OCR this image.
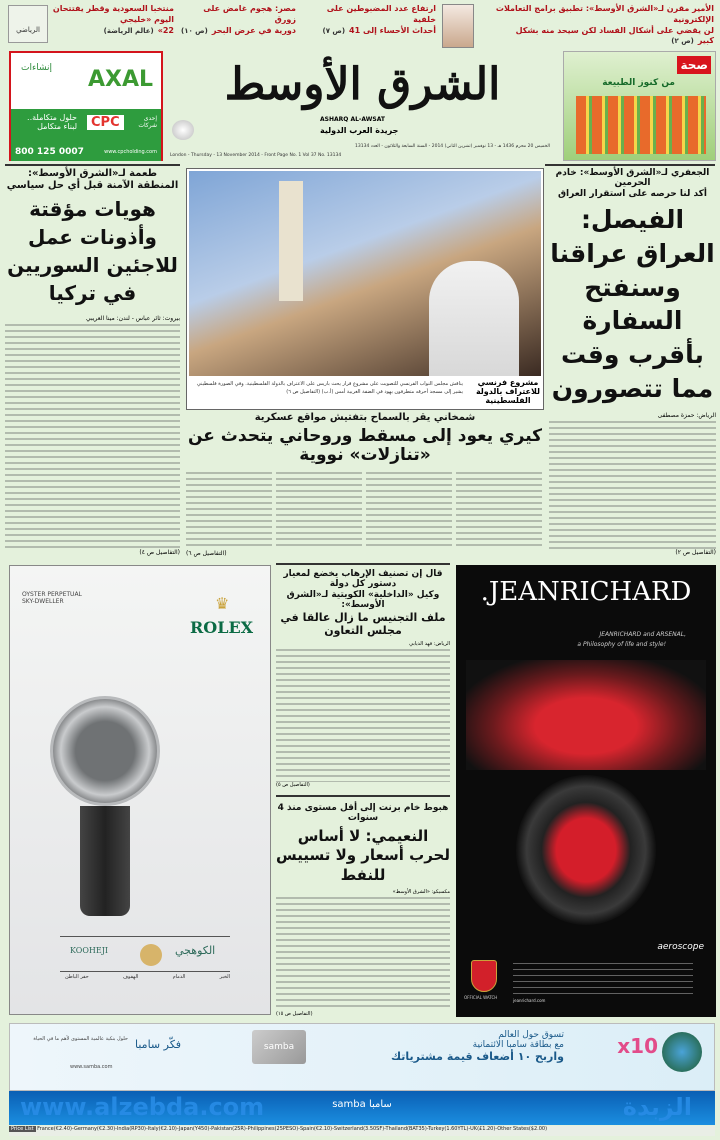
الأمير مقرن لـ«الشرق الأوسط»: تطبيق برامج التعاملات الإلكترونية
لن يقضي على أشكال الفساد لكن سيحد منه بشكل كبير(ص ٢)
ارتفاع عدد المضبوطين على خلفية
أحداث الأحساء إلى 41(ص ٧)
مصر: هجوم غامض على زورق
دورية في عرض البحر(ص ١٠)
منتخبا السعودية وقطر يفتتحان
اليوم «خليجي 22»(عالم الرياضة)
الرياضي
إنشاءات AXAL
حلول متكاملة..
لبناء متكامل	CPC	إحدى شركات
800 125 0007	www.cpcholding.com
الشرق الأوسط
ASHARQ AL-AWSAT
جريدة العرب الدولية
الخميس 20 محرم 1436 هـ - 13 نوفمبر (تشرين الثاني) 2014 - السنة السابعة والثلاثون - العدد 13134
London - Thursday - 13 November 2014 - Front Page No. 1 Vol 37 No. 13134
صحة
من كنوز الطبيعة
الجعفري لـ«الشرق الأوسط»: خادم الحرمين
أكد لنا حرصه على استقرار العراق
الفيصل: العراق عراقنا وسنفتح السفارة بأقرب وقت مما تتصورون
الرياض: حمزة مصطفى
(التفاصيل ص ٢)
طعمة لـ«الشرق الأوسط»:
المنطقة الآمنة قبل أي حل سياسي
هويات مؤقتة وأذونات عمل للاجئين السوريين في تركيا
بيروت: ثائر عباس - لندن: مينا العريبي
(التفاصيل ص ٤)
مشروع فرنسي للاعتراف بالدولة الفلسطينية
يناقش مجلس النواب الفرنسي للتصويت على مشروع قرار يحث باريس على الاعتراف بالدولة الفلسطينية. وفي الصورة فلسطيني يشير إلى مسجد أحرقه متطرفون يهود في الضفة الغربية أمس (أ.ب) (التفاصيل ص ٦)
شمخاني يقر بالسماح بتفتيش مواقع عسكرية
كيري يعود إلى مسقط وروحاني يتحدث عن «تنازلات» نووية
(التفاصيل ص ٦)
OYSTER PERPETUAL
SKY-DWELLER	♛
ROLEX
KOOHEJI	الكوهجي
الخبر
الدمام
الهفوف
حفر الباطن
قال إن تصنيف الإرهاب يخضع لمعيار دستور كل دولة
وكيل «الداخلية» الكويتية لـ«الشرق الأوسط»:
ملف التجنيس ما زال عالقا في مجلس التعاون
الرياض: فهد الذيابي
(التفاصيل ص ٥)
هبوط خام برنت إلى أقل مستوى منذ 4 سنوات
النعيمي: لا أساس لحرب أسعار ولا تسييس للنفط
مكسيكو: «الشرق الأوسط»
(التفاصيل ص ١٥)
.JEANRICHARD
JEANRICHARD and ARSENAL,
a Philosophy of life and style!
aeroscope
OFFICIAL WATCH
jeanrichard.com
x10
تسوق حول العالم
مع بطاقة سامبا الائتمانية
واربح ١٠ أضعاف قيمة مشترياتك
samba
فكّر سامبا
حلول بنكية عالمية المستوى لأهم ما في الحياة
www.samba.com
samba سامبا
Price List France(€2.40)-Germany(€2.30)-India(RP30)-Italy(€2.10)-Japan(Y450)-Pakistan(25R)-Philippines(25PESO)-Spain(€2.10)-Switzerland(3.50SF)-Thailand(BAT35)-Turkey(1.60YTL)-UK(£1.20)-Other States($2.00)
www.alzebda.com	الزبدة
